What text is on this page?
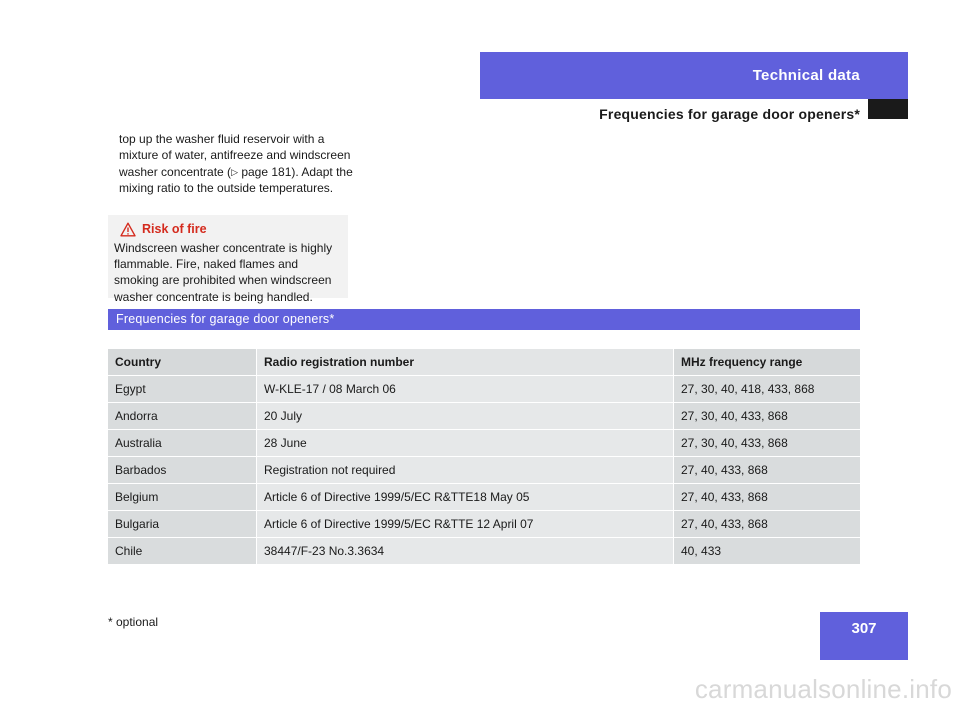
Technical data
Frequencies for garage door openers*
top up the washer fluid reservoir with a mixture of water, antifreeze and windscreen washer concentrate (▷ page 181). Adapt the mixing ratio to the outside temperatures.
Risk of fire
Windscreen washer concentrate is highly flammable. Fire, naked flames and smoking are prohibited when windscreen washer concentrate is being handled.
Frequencies for garage door openers*
Country	Radio registration number	MHz frequency range
Egypt	W-KLE-17 / 08 March 06	27, 30, 40, 418, 433, 868
Andorra	20 July	27, 30, 40, 433, 868
Australia	28 June	27, 30, 40, 433, 868
Barbados	Registration not required	27, 40, 433, 868
Belgium	Article 6 of Directive 1999/5/EC R&TTE18 May 05	27, 40, 433, 868
Bulgaria	Article 6 of Directive 1999/5/EC R&TTE 12 April 07	27, 40, 433, 868
Chile	38447/F-23 No.3.3634	40, 433
* optional	307
carmanualsonline.info
